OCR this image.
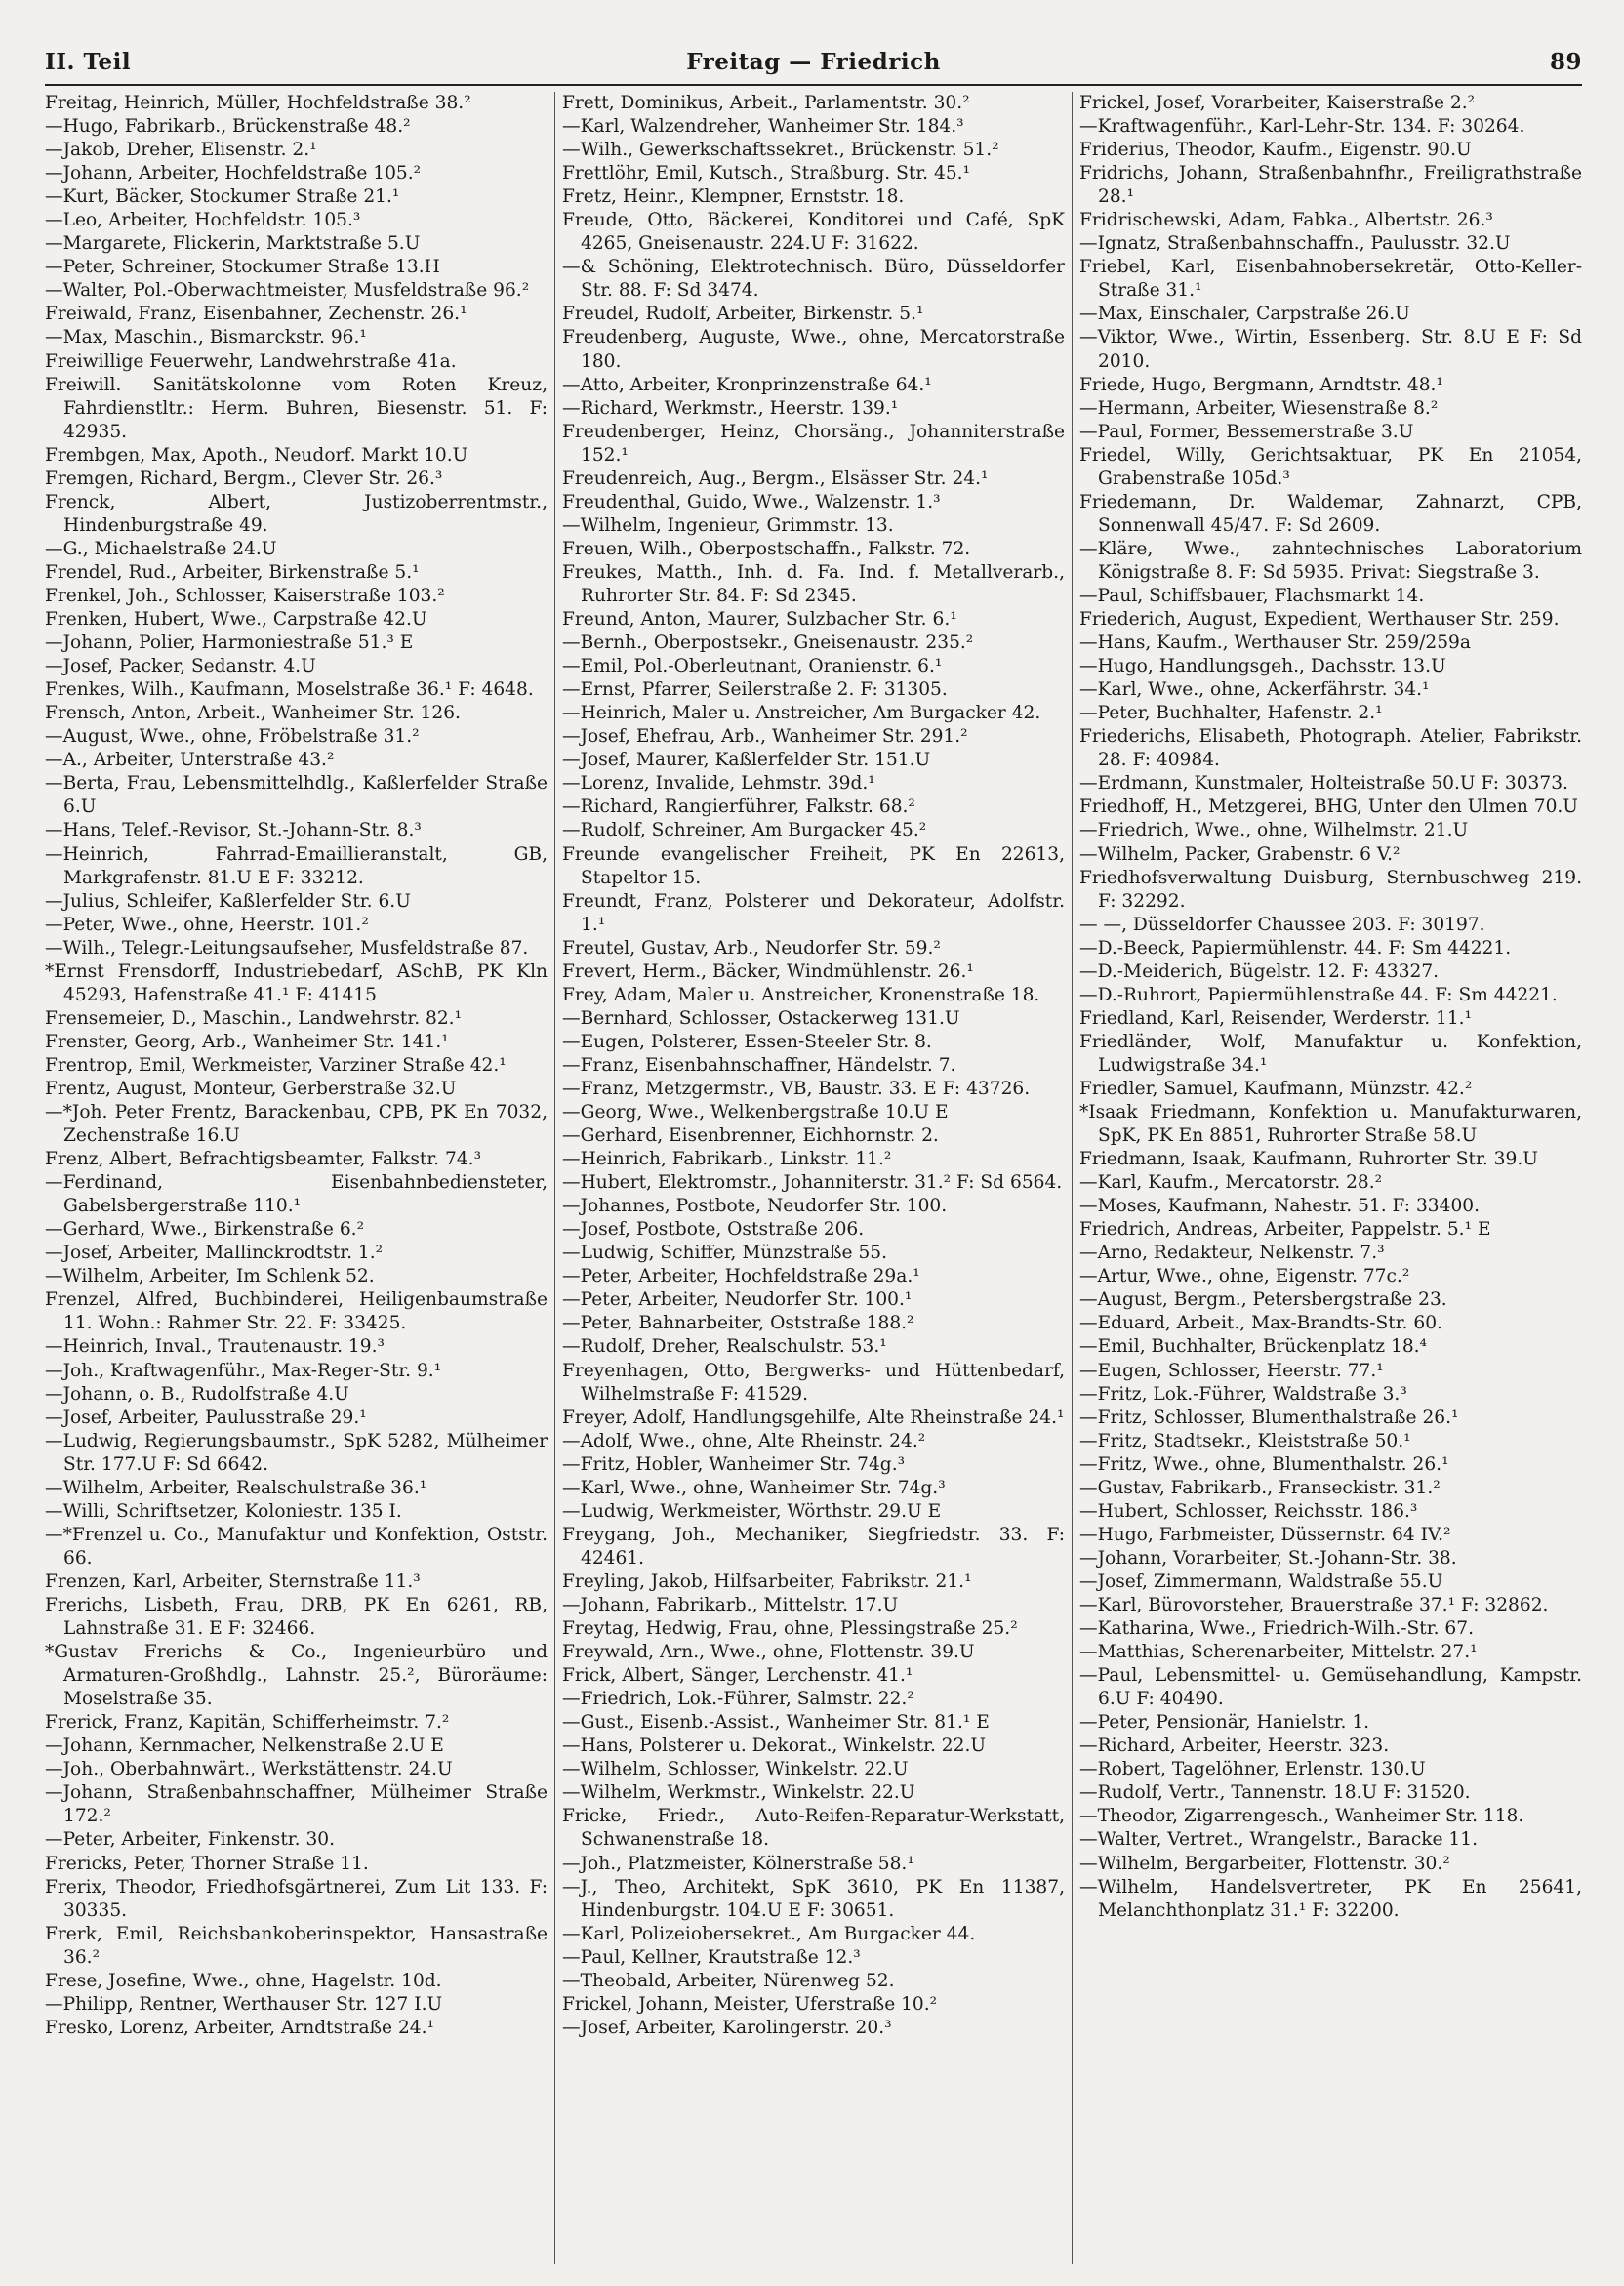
II. Teil	Freitag — Friedrich	89
Freitag, Heinrich, Müller, Hochfeldstraße 38.²
—Hugo, Fabrikarb., Brückenstraße 48.²
—Jakob, Dreher, Elisenstr. 2.¹
—Johann, Arbeiter, Hochfeldstraße 105.²
—Kurt, Bäcker, Stockumer Straße 21.¹
—Leo, Arbeiter, Hochfeldstr. 105.³
—Margarete, Flickerin, Marktstraße 5.U
—Peter, Schreiner, Stockumer Straße 13.H
—Walter, Pol.-Oberwachtmeister, Musfeldstraße 96.²
Freiwald, Franz, Eisenbahner, Zechenstr. 26.¹
—Max, Maschin., Bismarckstr. 96.¹
Freiwillige Feuerwehr, Landwehrstraße 41a.
Freiwill. Sanitätskolonne vom Roten Kreuz, Fahrdienstltr.: Herm. Buhren, Biesenstr. 51. F: 42935.
Frembgen, Max, Apoth., Neudorf. Markt 10.U
Fremgen, Richard, Bergm., Clever Str. 26.³
Frenck, Albert, Justizoberrentmstr., Hindenburgstraße 49.
—G., Michaelstraße 24.U
Frendel, Rud., Arbeiter, Birkenstraße 5.¹
Frenkel, Joh., Schlosser, Kaiserstraße 103.²
Frenken, Hubert, Wwe., Carpstraße 42.U
—Johann, Polier, Harmoniestraße 51.³ E
—Josef, Packer, Sedanstr. 4.U
Frenkes, Wilh., Kaufmann, Moselstraße 36.¹ F: 4648.
Frensch, Anton, Arbeit., Wanheimer Str. 126.
—August, Wwe., ohne, Fröbelstraße 31.²
—A., Arbeiter, Unterstraße 43.²
—Berta, Frau, Lebensmittelhdlg., Kaßlerfelder Straße 6.U
—Hans, Telef.-Revisor, St.-Johann-Str. 8.³
—Heinrich, Fahrrad-Emaillieranstalt, GB, Markgrafenstr. 81.U E F: 33212.
—Julius, Schleifer, Kaßlerfelder Str. 6.U
—Peter, Wwe., ohne, Heerstr. 101.²
—Wilh., Telegr.-Leitungsaufseher, Musfeldstraße 87.
*Ernst Frensdorff, Industriebedarf, ASchB, PK Kln 45293, Hafenstraße 41.¹ F: 41415
Frensemeier, D., Maschin., Landwehrstr. 82.¹
Frenster, Georg, Arb., Wanheimer Str. 141.¹
Frentrop, Emil, Werkmeister, Varziner Straße 42.¹
Frentz, August, Monteur, Gerberstraße 32.U
—*Joh. Peter Frentz, Barackenbau, CPB, PK En 7032, Zechenstraße 16.U
Frenz, Albert, Befrachtigsbeamter, Falkstr. 74.³
—Ferdinand, Eisenbahnbediensteter, Gabelsbergerstraße 110.¹
—Gerhard, Wwe., Birkenstraße 6.²
—Josef, Arbeiter, Mallinckrodtstr. 1.²
—Wilhelm, Arbeiter, Im Schlenk 52.
Frenzel, Alfred, Buchbinderei, Heiligenbaumstraße 11. Wohn.: Rahmer Str. 22. F: 33425.
—Heinrich, Inval., Trautenaustr. 19.³
—Joh., Kraftwagenführ., Max-Reger-Str. 9.¹
—Johann, o. B., Rudolfstraße 4.U
—Josef, Arbeiter, Paulusstraße 29.¹
—Ludwig, Regierungsbaumstr., SpK 5282, Mülheimer Str. 177.U F: Sd 6642.
—Wilhelm, Arbeiter, Realschulstraße 36.¹
—Willi, Schriftsetzer, Koloniestr. 135 I.
—*Frenzel u. Co., Manufaktur und Konfektion, Oststr. 66.
Frenzen, Karl, Arbeiter, Sternstraße 11.³
Frerichs, Lisbeth, Frau, DRB, PK En 6261, RB, Lahnstraße 31. E F: 32466.
*Gustav Frerichs & Co., Ingenieurbüro und Armaturen-Großhdlg., Lahnstr. 25.², Büroräume: Moselstraße 35.
Frerick, Franz, Kapitän, Schifferheimstr. 7.²
—Johann, Kernmacher, Nelkenstraße 2.U E
—Joh., Oberbahnwärt., Werkstättenstr. 24.U
—Johann, Straßenbahnschaffner, Mülheimer Straße 172.²
—Peter, Arbeiter, Finkenstr. 30.
Frericks, Peter, Thorner Straße 11.
Frerix, Theodor, Friedhofsgärtnerei, Zum Lit 133. F: 30335.
Frerk, Emil, Reichsbankoberinspektor, Hansastraße 36.²
Frese, Josefine, Wwe., ohne, Hagelstr. 10d.
—Philipp, Rentner, Werthauser Str. 127 I.U
Fresko, Lorenz, Arbeiter, Arndtstraße 24.¹
Frett, Dominikus, Arbeit., Parlamentstr. 30.²
—Karl, Walzendreher, Wanheimer Str. 184.³
—Wilh., Gewerkschaftssekret., Brückenstr. 51.²
Frettlöhr, Emil, Kutsch., Straßburg. Str. 45.¹
Fretz, Heinr., Klempner, Ernststr. 18.
Freude, Otto, Bäckerei, Konditorei und Café, SpK 4265, Gneisenaustr. 224.U F: 31622.
—& Schöning, Elektrotechnisch. Büro, Düsseldorfer Str. 88. F: Sd 3474.
Freudel, Rudolf, Arbeiter, Birkenstr. 5.¹
Freudenberg, Auguste, Wwe., ohne, Mercatorstraße 180.
—Atto, Arbeiter, Kronprinzenstraße 64.¹
—Richard, Werkmstr., Heerstr. 139.¹
Freudenberger, Heinz, Chorsäng., Johanniterstraße 152.¹
Freudenreich, Aug., Bergm., Elsässer Str. 24.¹
Freudenthal, Guido, Wwe., Walzenstr. 1.³
—Wilhelm, Ingenieur, Grimmstr. 13.
Freuen, Wilh., Oberpostschaffn., Falkstr. 72.
Freukes, Matth., Inh. d. Fa. Ind. f. Metallverarb., Ruhrorter Str. 84. F: Sd 2345.
Freund, Anton, Maurer, Sulzbacher Str. 6.¹
—Bernh., Oberpostsekr., Gneisenaustr. 235.²
—Emil, Pol.-Oberleutnant, Oranienstr. 6.¹
—Ernst, Pfarrer, Seilerstraße 2. F: 31305.
—Heinrich, Maler u. Anstreicher, Am Burgacker 42.
—Josef, Ehefrau, Arb., Wanheimer Str. 291.²
—Josef, Maurer, Kaßlerfelder Str. 151.U
—Lorenz, Invalide, Lehmstr. 39d.¹
—Richard, Rangierführer, Falkstr. 68.²
—Rudolf, Schreiner, Am Burgacker 45.²
Freunde evangelischer Freiheit, PK En 22613, Stapeltor 15.
Freundt, Franz, Polsterer und Dekorateur, Adolfstr. 1.¹
Freutel, Gustav, Arb., Neudorfer Str. 59.²
Frevert, Herm., Bäcker, Windmühlenstr. 26.¹
Frey, Adam, Maler u. Anstreicher, Kronenstraße 18.
—Bernhard, Schlosser, Ostackerweg 131.U
—Eugen, Polsterer, Essen-Steeler Str. 8.
—Franz, Eisenbahnschaffner, Händelstr. 7.
—Franz, Metzgermstr., VB, Baustr. 33. E F: 43726.
—Georg, Wwe., Welkenbergstraße 10.U E
—Gerhard, Eisenbrenner, Eichhornstr. 2.
—Heinrich, Fabrikarb., Linkstr. 11.²
—Hubert, Elektromstr., Johanniterstr. 31.² F: Sd 6564.
—Johannes, Postbote, Neudorfer Str. 100.
—Josef, Postbote, Oststraße 206.
—Ludwig, Schiffer, Münzstraße 55.
—Peter, Arbeiter, Hochfeldstraße 29a.¹
—Peter, Arbeiter, Neudorfer Str. 100.¹
—Peter, Bahnarbeiter, Oststraße 188.²
—Rudolf, Dreher, Realschulstr. 53.¹
Freyenhagen, Otto, Bergwerks- und Hüttenbedarf, Wilhelmstraße F: 41529.
Freyer, Adolf, Handlungsgehilfe, Alte Rheinstraße 24.¹
—Adolf, Wwe., ohne, Alte Rheinstr. 24.²
—Fritz, Hobler, Wanheimer Str. 74g.³
—Karl, Wwe., ohne, Wanheimer Str. 74g.³
—Ludwig, Werkmeister, Wörthstr. 29.U E
Freygang, Joh., Mechaniker, Siegfriedstr. 33. F: 42461.
Freyling, Jakob, Hilfsarbeiter, Fabrikstr. 21.¹
—Johann, Fabrikarb., Mittelstr. 17.U
Freytag, Hedwig, Frau, ohne, Plessingstraße 25.²
Freywald, Arn., Wwe., ohne, Flottenstr. 39.U
Frick, Albert, Sänger, Lerchenstr. 41.¹
—Friedrich, Lok.-Führer, Salmstr. 22.²
—Gust., Eisenb.-Assist., Wanheimer Str. 81.¹ E
—Hans, Polsterer u. Dekorat., Winkelstr. 22.U
—Wilhelm, Schlosser, Winkelstr. 22.U
—Wilhelm, Werkmstr., Winkelstr. 22.U
Fricke, Friedr., Auto-Reifen-Reparatur-Werkstatt, Schwanenstraße 18.
—Joh., Platzmeister, Kölnerstraße 58.¹
—J., Theo, Architekt, SpK 3610, PK En 11387, Hindenburgstr. 104.U E F: 30651.
—Karl, Polizeiobersekret., Am Burgacker 44.
—Paul, Kellner, Krautstraße 12.³
—Theobald, Arbeiter, Nürenweg 52.
Frickel, Johann, Meister, Uferstraße 10.²
—Josef, Arbeiter, Karolingerstr. 20.³
Frickel, Josef, Vorarbeiter, Kaiserstraße 2.²
—Kraftwagenführ., Karl-Lehr-Str. 134. F: 30264.
Friderius, Theodor, Kaufm., Eigenstr. 90.U
Fridrichs, Johann, Straßenbahnfhr., Freiligrathstraße 28.¹
Fridrischewski, Adam, Fabka., Albertstr. 26.³
—Ignatz, Straßenbahnschaffn., Paulusstr. 32.U
Friebel, Karl, Eisenbahnobersekretär, Otto-Keller-Straße 31.¹
—Max, Einschaler, Carpstraße 26.U
—Viktor, Wwe., Wirtin, Essenberg. Str. 8.U E F: Sd 2010.
Friede, Hugo, Bergmann, Arndtstr. 48.¹
—Hermann, Arbeiter, Wiesenstraße 8.²
—Paul, Former, Bessemerstraße 3.U
Friedel, Willy, Gerichtsaktuar, PK En 21054, Grabenstraße 105d.³
Friedemann, Dr. Waldemar, Zahnarzt, CPB, Sonnenwall 45/47. F: Sd 2609.
—Kläre, Wwe., zahntechnisches Laboratorium Königstraße 8. F: Sd 5935. Privat: Siegstraße 3.
—Paul, Schiffsbauer, Flachsmarkt 14.
Friederich, August, Expedient, Werthauser Str. 259.
—Hans, Kaufm., Werthauser Str. 259/259a
—Hugo, Handlungsgeh., Dachsstr. 13.U
—Karl, Wwe., ohne, Ackerfährstr. 34.¹
—Peter, Buchhalter, Hafenstr. 2.¹
Friederichs, Elisabeth, Photograph. Atelier, Fabrikstr. 28. F: 40984.
—Erdmann, Kunstmaler, Holteistraße 50.U F: 30373.
Friedhoff, H., Metzgerei, BHG, Unter den Ulmen 70.U
—Friedrich, Wwe., ohne, Wilhelmstr. 21.U
—Wilhelm, Packer, Grabenstr. 6 V.²
Friedhofsverwaltung Duisburg, Sternbuschweg 219. F: 32292.
— —, Düsseldorfer Chaussee 203. F: 30197.
—D.-Beeck, Papiermühlenstr. 44. F: Sm 44221.
—D.-Meiderich, Bügelstr. 12. F: 43327.
—D.-Ruhrort, Papiermühlenstraße 44. F: Sm 44221.
Friedland, Karl, Reisender, Werderstr. 11.¹
Friedländer, Wolf, Manufaktur u. Konfektion, Ludwigstraße 34.¹
Friedler, Samuel, Kaufmann, Münzstr. 42.²
*Isaak Friedmann, Konfektion u. Manufakturwaren, SpK, PK En 8851, Ruhrorter Straße 58.U
Friedmann, Isaak, Kaufmann, Ruhrorter Str. 39.U
—Karl, Kaufm., Mercatorstr. 28.²
—Moses, Kaufmann, Nahestr. 51. F: 33400.
Friedrich, Andreas, Arbeiter, Pappelstr. 5.¹ E
—Arno, Redakteur, Nelkenstr. 7.³
—Artur, Wwe., ohne, Eigenstr. 77c.²
—August, Bergm., Petersbergstraße 23.
—Eduard, Arbeit., Max-Brandts-Str. 60.
—Emil, Buchhalter, Brückenplatz 18.⁴
—Eugen, Schlosser, Heerstr. 77.¹
—Fritz, Lok.-Führer, Waldstraße 3.³
—Fritz, Schlosser, Blumenthalstraße 26.¹
—Fritz, Stadtsekr., Kleiststraße 50.¹
—Fritz, Wwe., ohne, Blumenthalstr. 26.¹
—Gustav, Fabrikarb., Franseckistr. 31.²
—Hubert, Schlosser, Reichsstr. 186.³
—Hugo, Farbmeister, Düssernstr. 64 IV.²
—Johann, Vorarbeiter, St.-Johann-Str. 38.
—Josef, Zimmermann, Waldstraße 55.U
—Karl, Bürovorsteher, Brauerstraße 37.¹ F: 32862.
—Katharina, Wwe., Friedrich-Wilh.-Str. 67.
—Matthias, Scherenarbeiter, Mittelstr. 27.¹
—Paul, Lebensmittel- u. Gemüsehandlung, Kampstr. 6.U F: 40490.
—Peter, Pensionär, Hanielstr. 1.
—Richard, Arbeiter, Heerstr. 323.
—Robert, Tagelöhner, Erlenstr. 130.U
—Rudolf, Vertr., Tannenstr. 18.U F: 31520.
—Theodor, Zigarrengesch., Wanheimer Str. 118.
—Walter, Vertret., Wrangelstr., Baracke 11.
—Wilhelm, Bergarbeiter, Flottenstr. 30.²
—Wilhelm, Handelsvertreter, PK En 25641, Melanchthonplatz 31.¹ F: 32200.
